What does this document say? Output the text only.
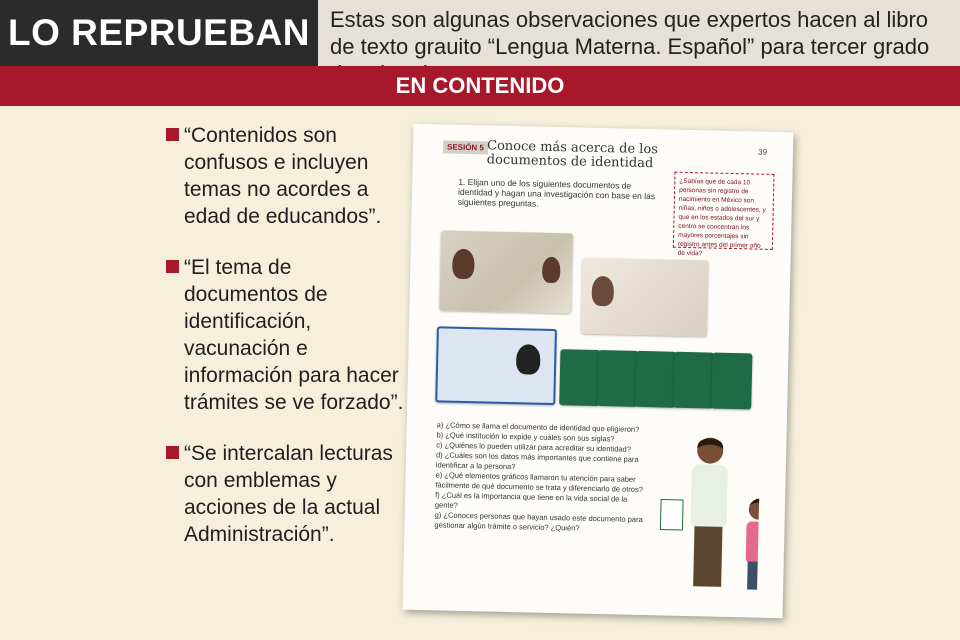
LO REPRUEBAN Estas son algunas observaciones que expertos hacen al libro de texto grauito “Lengua Materna. Español” para tercer grado
EN CONTENIDO
“Contenidos son confusos e incluyen temas no acordes a edad de educandos”.
“El tema de documentos de identificación, vacunación e información para hacer trámites se ve forzado”.
“Se intercalan lecturas con emblemas y acciones de la actual Administración”.
SESIÓN 5 Conoce más acerca de los documentos de identidad
39
1. Elijan uno de los siguientes documentos de identidad y hagan una investigación con base en las siguientes preguntas.
¿Sabías que de cada 10 personas sin registro de nacimiento en México son niñas, niños o adolescentes, y que en los estados del sur y centro se concentran los mayores porcentajes sin registro antes del primer año de vida?
a) ¿Cómo se llama el documento de identidad que eligieron?
b) ¿Qué institución lo expide y cuáles son sus siglas?
c) ¿Quiénes lo pueden utilizar para acreditar su identidad?
d) ¿Cuáles son los datos más importantes que contiene para identificar a la persona?
e) ¿Qué elementos gráficos llamaron tu atención para saber fácilmente de qué documento se trata y diferenciarlo de otros?
f) ¿Cuál es la importancia que tiene en la vida social de la gente?
g) ¿Conoces personas que hayan usado este documento para gestionar algún trámite o servicio? ¿Quién?
